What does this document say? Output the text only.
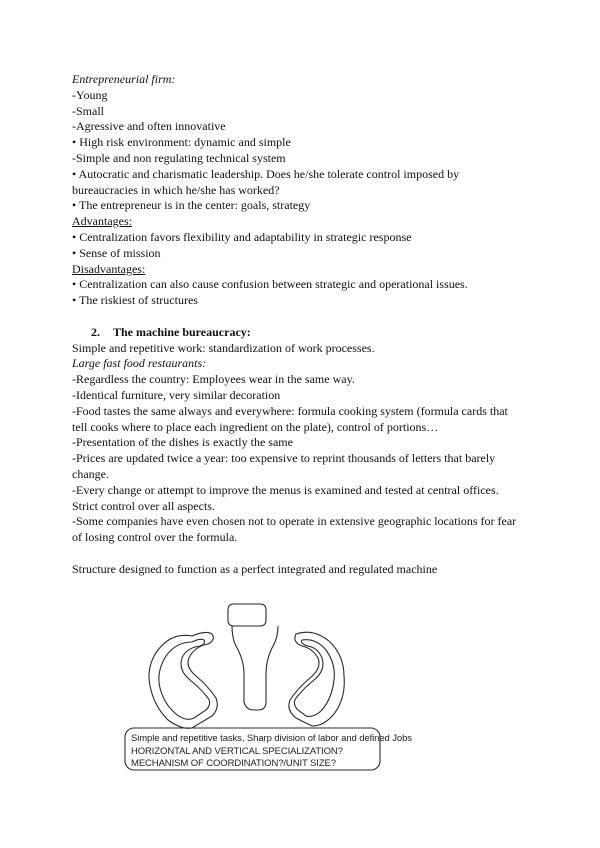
Entrepreneurial firm:
-Young
-Small
-Agressive and often innovative
• High risk environment: dynamic and simple
-Simple and non regulating technical system
• Autocratic and charismatic leadership. Does he/she tolerate control imposed by
bureaucracies in which he/she has worked?
• The entrepreneur is in the center: goals, strategy
Advantages:
• Centralization favors flexibility and adaptability in strategic response
• Sense of mission
Disadvantages:
• Centralization can also cause confusion between strategic and operational issues.
• The riskiest of structures
2. The machine bureaucracy:
Simple and repetitive work: standardization of work processes.
Large fast food restaurants:
-Regardless the country: Employees wear in the same way.
-Identical furniture, very similar decoration
-Food tastes the same always and everywhere: formula cooking system (formula cards that
tell cooks where to place each ingredient on the plate), control of portions…
-Presentation of the dishes is exactly the same
-Prices are updated twice a year: too expensive to reprint thousands of letters that barely
change.
-Every change or attempt to improve the menus is examined and tested at central offices.
Strict control over all aspects.
-Some companies have even chosen not to operate in extensive geographic locations for fear
of losing control over the formula.
Structure designed to function as a perfect integrated and regulated machine
Simple and repetitive tasks, Sharp division of labor and defined Jobs
HORIZONTAL AND VERTICAL SPECIALIZATION?
MECHANISM OF COORDINATION?/UNIT SIZE?
